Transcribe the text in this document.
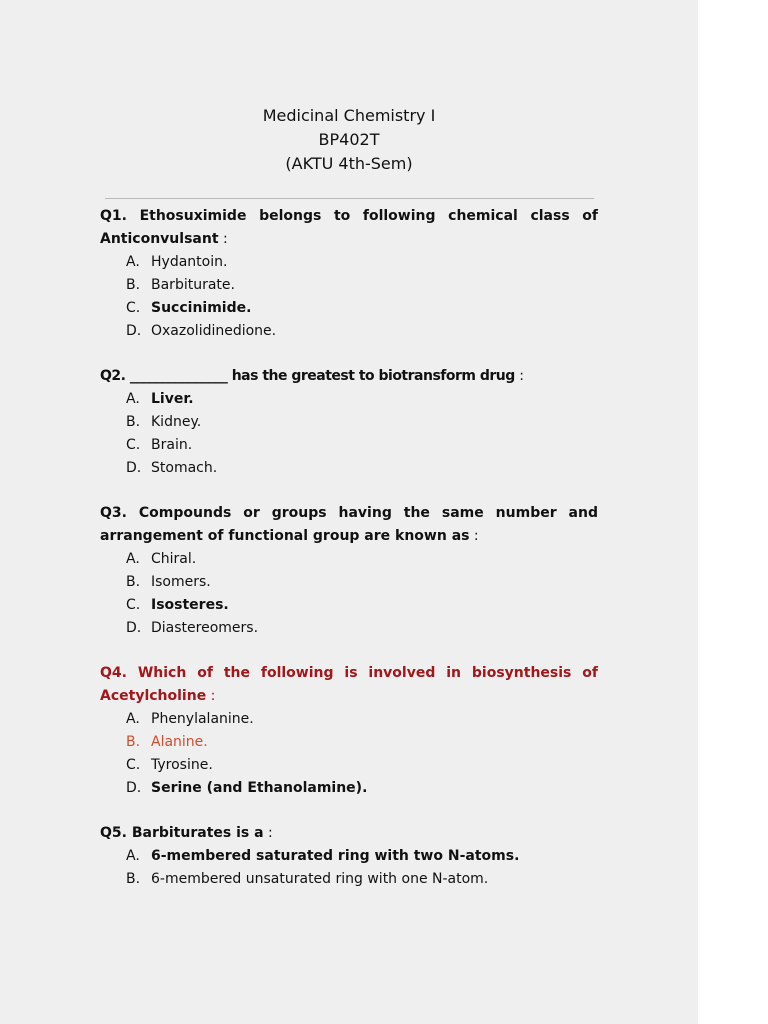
Medicinal Chemistry I
BP402T
(AKTU 4th-Sem)
Q1. Ethosuximide belongs to following chemical class of Anticonvulsant :
A. Hydantoin.
B. Barbiturate.
C. Succinimide.
D. Oxazolidinedione.
Q2. _______________ has the greatest to biotransform drug :
A. Liver.
B. Kidney.
C. Brain.
D. Stomach.
Q3. Compounds or groups having the same number and arrangement of functional group are known as :
A. Chiral.
B. Isomers.
C. Isosteres.
D. Diastereomers.
Q4. Which of the following is involved in biosynthesis of Acetylcholine :
A. Phenylalanine.
B. Alanine.
C. Tyrosine.
D. Serine (and Ethanolamine).
Q5. Barbiturates is a :
A. 6-membered saturated ring with two N-atoms.
B. 6-membered unsaturated ring with one N-atom.
